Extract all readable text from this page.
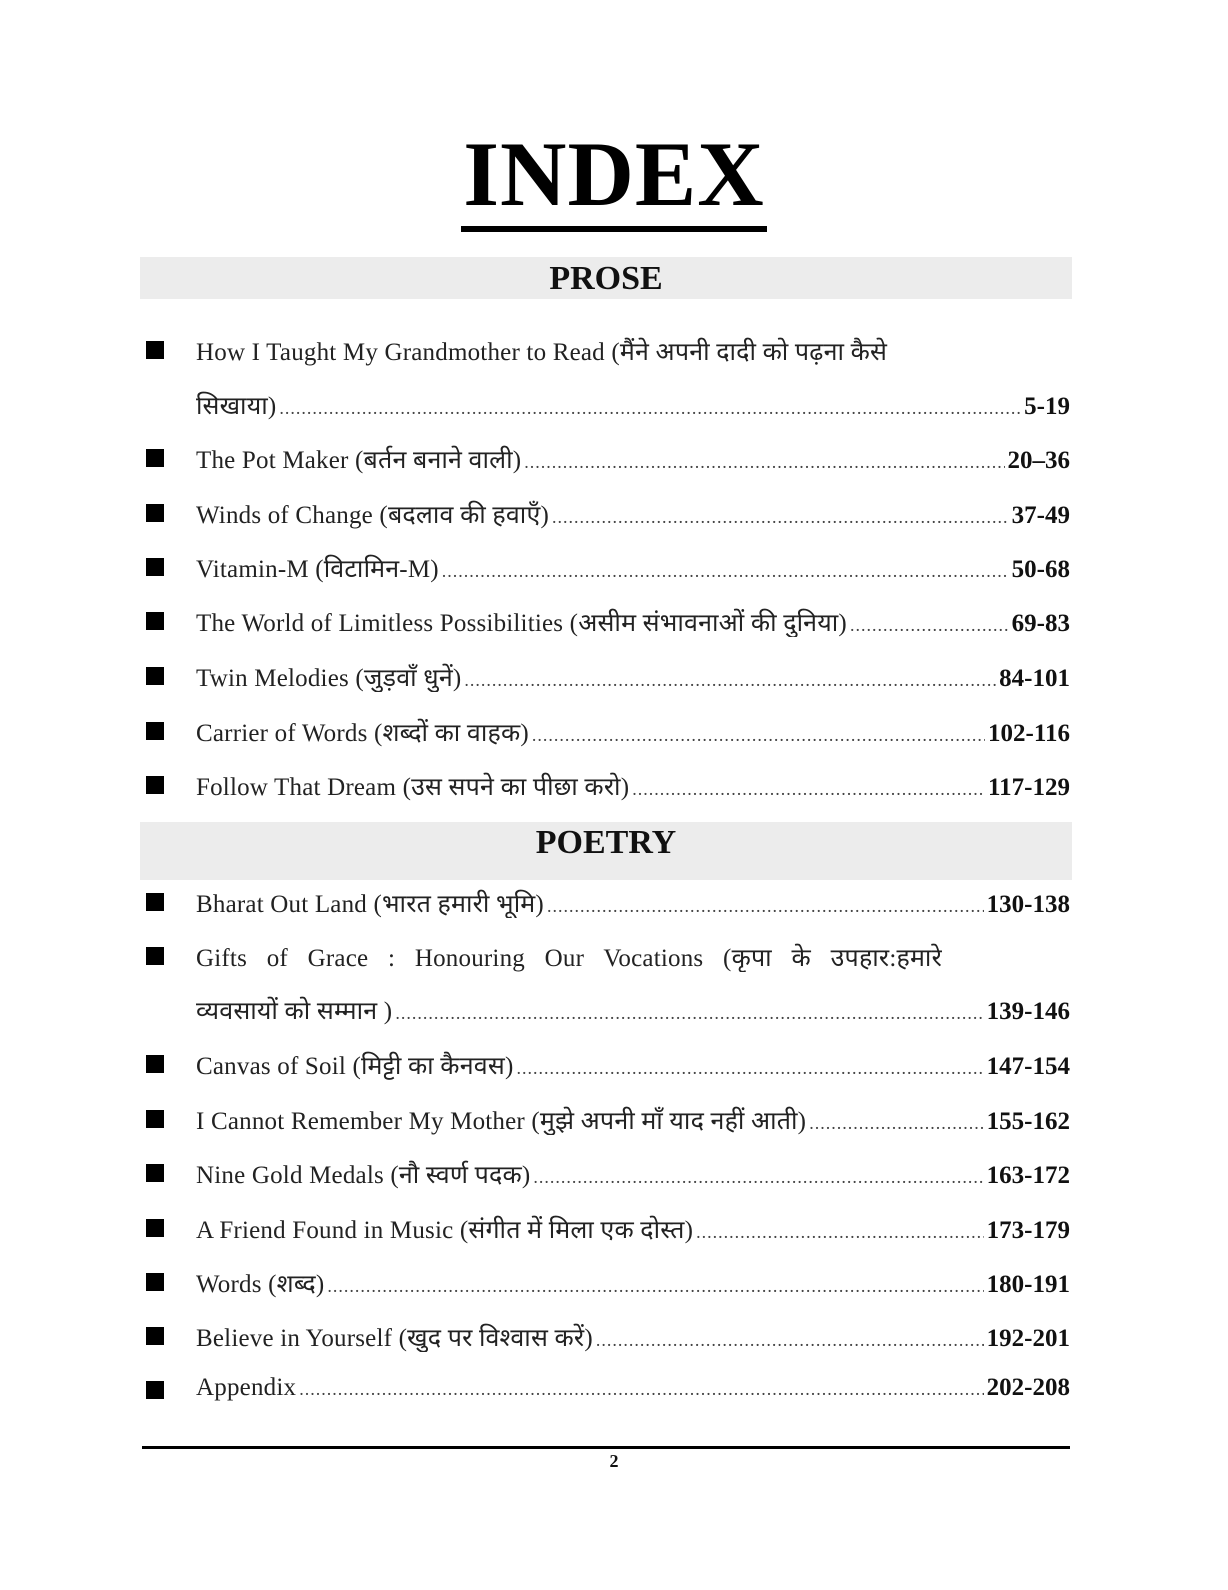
INDEX
PROSE
How I Taught My Grandmother to Read (मैंने अपनी दादी को पढ़ना कैसे
सिखाया) .....	5-19
The Pot Maker (बर्तन बनाने वाली) .....	20–36
Winds of Change (बदलाव की हवाएँ) .....	37-49
Vitamin-M (विटामिन-M) .....	50-68
The World of Limitless Possibilities (असीम संभावनाओं की दुनिया) .....	69-83
Twin Melodies (जुड़वाँ धुनें) .....	84-101
Carrier of Words (शब्दों का वाहक) .....	102-116
Follow That Dream (उस सपने का पीछा करो) .....	117-129
POETRY
Bharat Out Land (भारत हमारी भूमि) .....	130-138
Gifts of Grace : Honouring Our Vocations (कृपा के उपहार:हमारे
व्यवसायों को सम्मान ) .....	139-146
Canvas of Soil (मिट्टी का कैनवस) .....	147-154
I Cannot Remember My Mother (मुझे अपनी माँ याद नहीं आती) .....	155-162
Nine Gold Medals (नौ स्वर्ण पदक) .....	163-172
A Friend Found in Music (संगीत में मिला एक दोस्त) .....	173-179
Words (शब्द) .....	180-191
Believe in Yourself (खुद पर विश्वास करें) .....	192-201
Appendix .....	202-208
2
